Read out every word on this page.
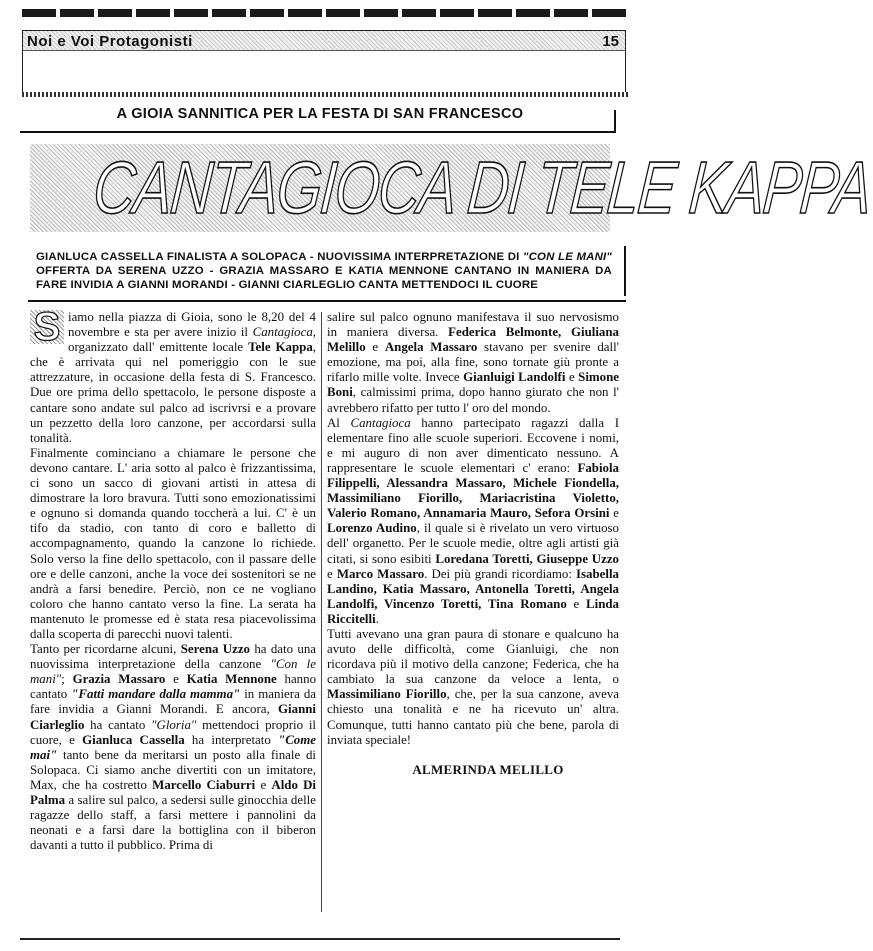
Noi e Voi Protagonisti	15
A GIOIA SANNITICA PER LA FESTA DI SAN FRANCESCO
CANTAGIOCA DI TELE KAPPA
GIANLUCA CASSELLA FINALISTA A SOLOPACA - NUOVISSIMA INTERPRETAZIONE DI "CON LE MANI" OFFERTA DA SERENA UZZO - GRAZIA MASSARO E KATIA MENNONE CANTANO IN MANIERA DA FARE INVIDIA A GIANNI MORANDI - GIANNI CIARLEGLIO CANTA METTENDOCI IL CUORE

S iamo nella piazza di Gioia, sono le 8,20 del 4 novembre e sta per avere inizio il Cantagioca, organizzato dall' emittente locale Tele Kappa, che è arrivata qui nel pomeriggio con le sue attrezzature, in occasione della festa di S. Francesco. Due ore prima dello spettacolo, le persone disposte a cantare sono andate sul palco ad iscrivrsi e a provare un pezzetto della loro canzone, per accordarsi sulla tonalità.

Finalmente cominciano a chiamare le persone che devono cantare. L' aria sotto al palco è frizzantissima, ci sono un sacco di giovani artisti in attesa di dimostrare la loro bravura. Tutti sono emozionatissimi e ognuno si domanda quando toccherà a lui. C' è un tifo da stadio, con tanto di coro e balletto di accompagnamento, quando la canzone lo richiede. Solo verso la fine dello spettacolo, con il passare delle ore e delle canzoni, anche la voce dei sostenitori se ne andrà a farsi benedire. Perciò, non ce ne vogliano coloro che hanno cantato verso la fine. La serata ha mantenuto le promesse ed è stata resa piacevolissima dalla scoperta di parecchi nuovi talenti.

Tanto per ricordarne alcuni, Serena Uzzo ha dato una nuovissima interpretazione della canzone "Con le mani"; Grazia Massaro e Katia Mennone hanno cantato "Fatti mandare dalla mamma" in maniera da fare invidia a Gianni Morandi. E ancora, Gianni Ciarleglio ha cantato "Gloria" mettendoci proprio il cuore, e Gianluca Cassella ha interpretato "Come mai" tanto bene da meritarsi un posto alla finale di Solopaca. Ci siamo anche divertiti con un imitatore, Max, che ha costretto Marcello Ciaburri e Aldo Di Palma a salire sul palco, a sedersi sulle ginocchia delle ragazze dello staff, a farsi mettere i pannolini da neonati e a farsi dare la bottiglina con il biberon davanti a tutto il pubblico. Prima di

salire sul palco ognuno manifestava il suo nervosismo in maniera diversa. Federica Belmonte, Giuliana Melillo e Angela Massaro stavano per svenire dall' emozione, ma poi, alla fine, sono tornate giù pronte a rifarlo mille volte. Invece Gianluigi Landolfi e Simone Boni, calmissimi prima, dopo hanno giurato che non l' avrebbero rifatto per tutto l' oro del mondo.

Al Cantagioca hanno partecipato ragazzi dalla I elementare fino alle scuole superiori. Eccovene i nomi, e mi auguro di non aver dimenticato nessuno. A rappresentare le scuole elementari c' erano: Fabiola Filippelli, Alessandra Massaro, Michele Fiondella, Massimiliano Fiorillo, Mariacristina Violetto, Valerio Romano, Annamaria Mauro, Sefora Orsini e Lorenzo Audino, il quale si è rivelato un vero virtuoso dell' organetto. Per le scuole medie, oltre agli artisti già citati, si sono esibiti Loredana Toretti, Giuseppe Uzzo e Marco Massaro. Dei più grandi ricordiamo: Isabella Landino, Katia Massaro, Antonella Toretti, Angela Landolfi, Vincenzo Toretti, Tina Romano e Linda Riccitelli.

Tutti avevano una gran paura di stonare e qualcuno ha avuto delle difficoltà, come Gianluigi, che non ricordava più il motivo della canzone; Federica, che ha cambiato la sua canzone da veloce a lenta, o Massimiliano Fiorillo, che, per la sua canzone, aveva chiesto una tonalità e ne ha ricevuto un' altra. Comunque, tutti hanno cantato più che bene, parola di inviata speciale!

ALMERINDA MELILLO
